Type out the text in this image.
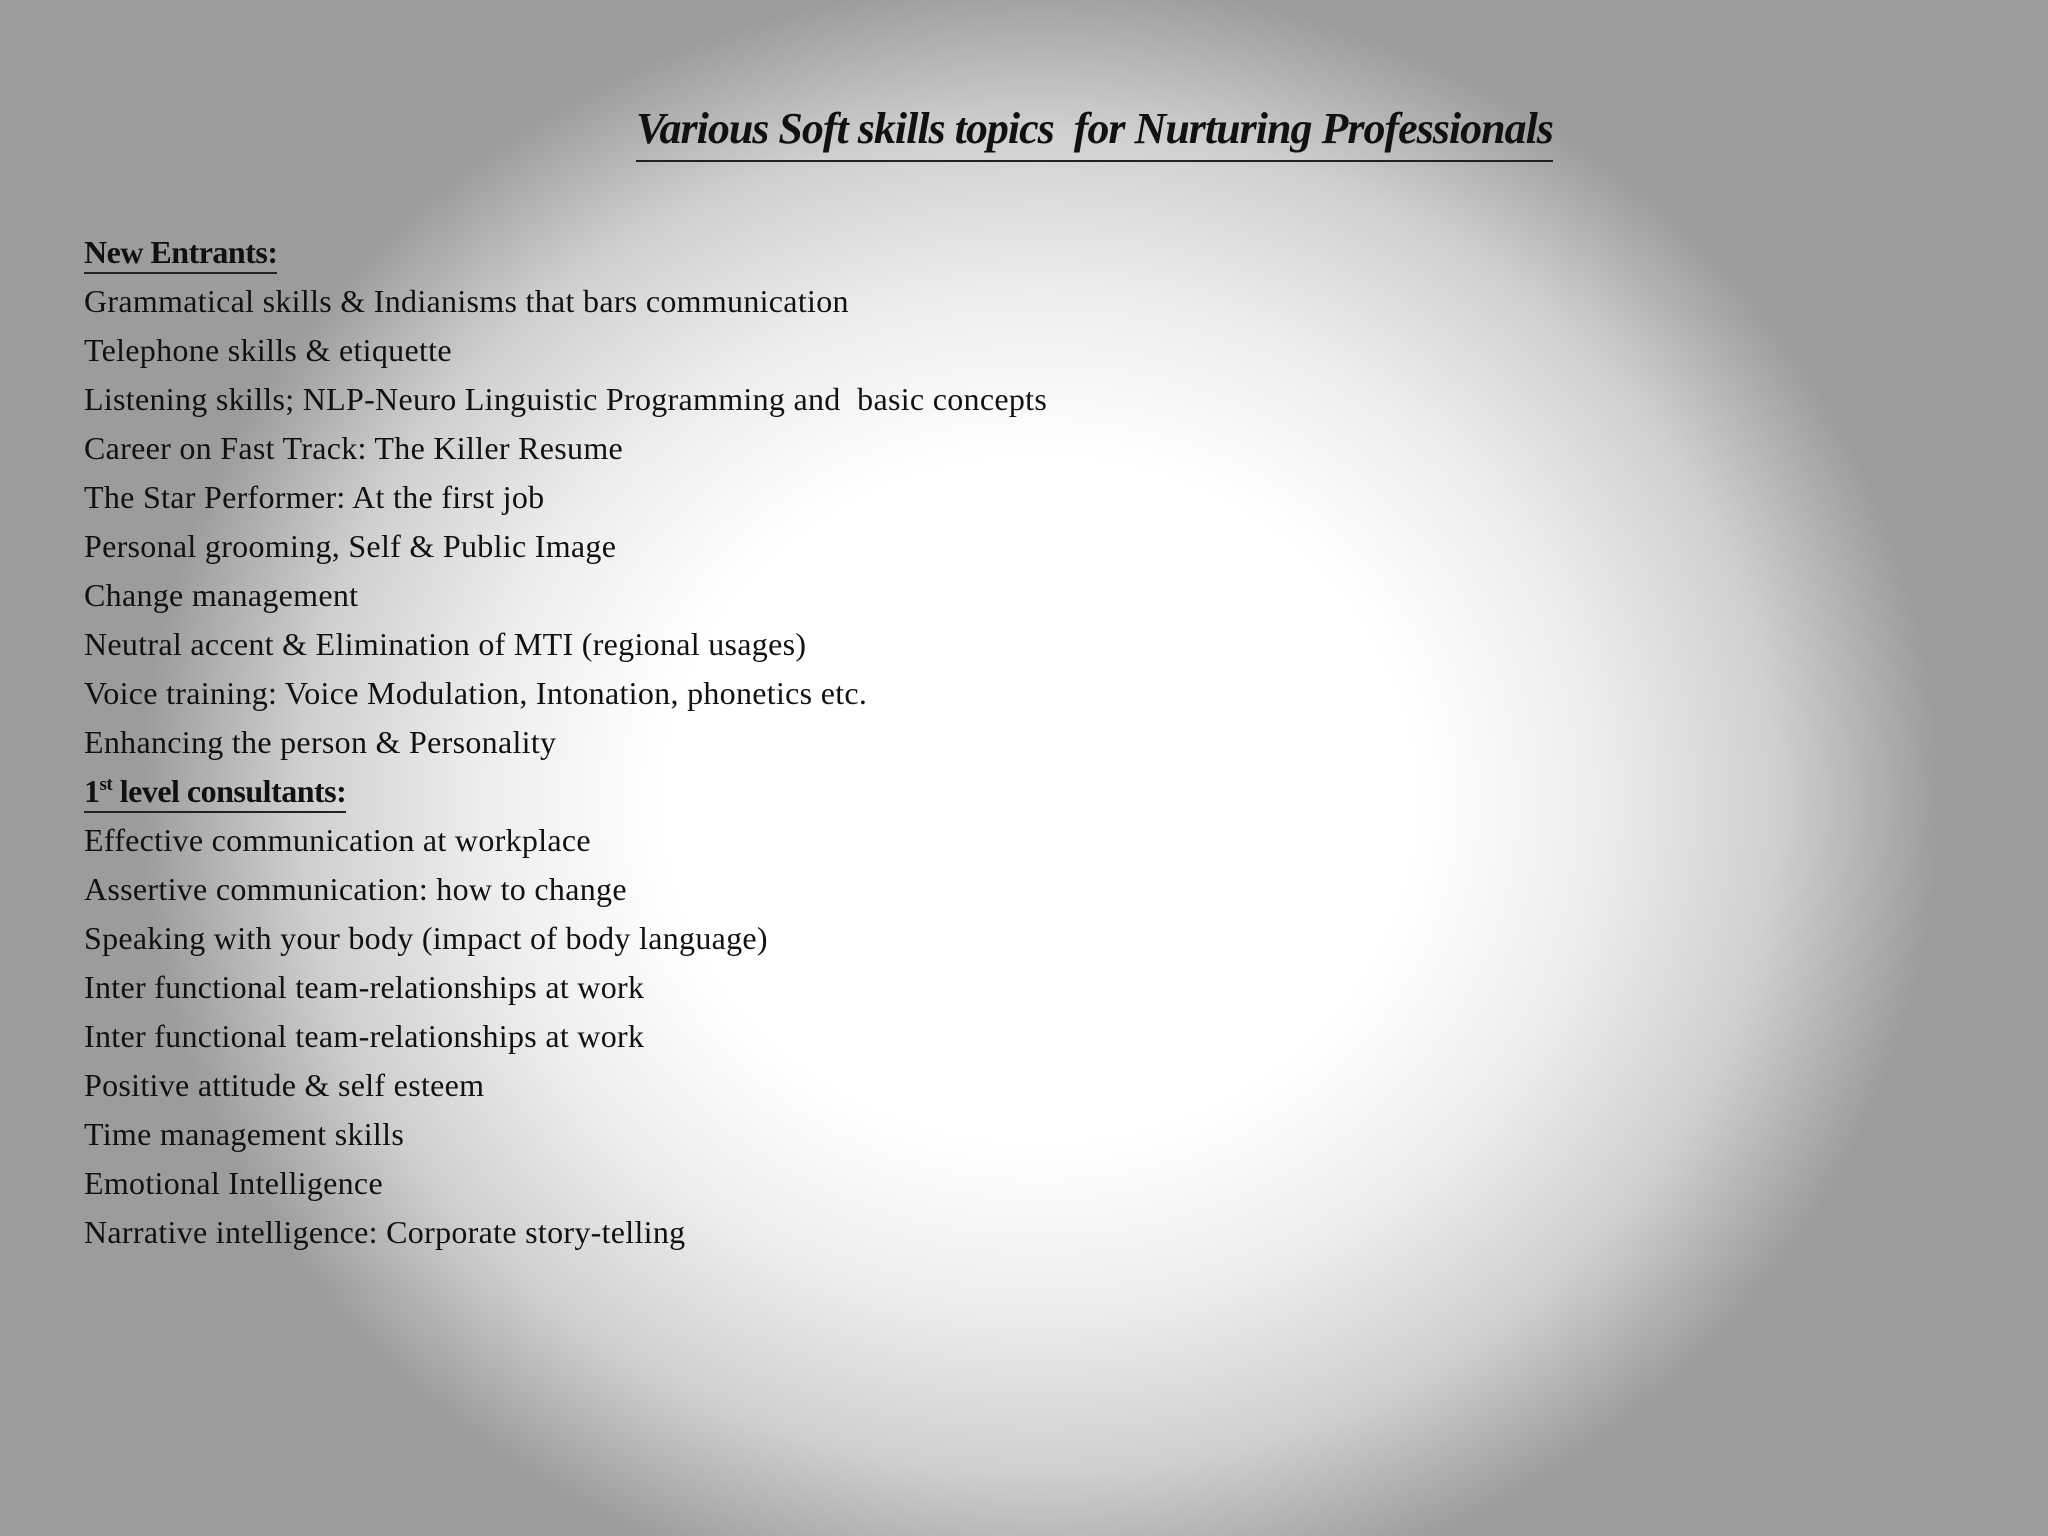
Various Soft skills topics  for Nurturing Professionals
New Entrants:
Grammatical skills & Indianisms that bars communication
Telephone skills & etiquette
Listening skills; NLP-Neuro Linguistic Programming and  basic concepts
Career on Fast Track: The Killer Resume
The Star Performer: At the first job
Personal grooming, Self & Public Image
Change management
Neutral accent & Elimination of MTI (regional usages)
Voice training: Voice Modulation, Intonation, phonetics etc.
Enhancing the person & Personality
1st level consultants:
Effective communication at workplace
Assertive communication: how to change
Speaking with your body (impact of body language)
Inter functional team-relationships at work
Inter functional team-relationships at work
Positive attitude & self esteem
Time management skills
Emotional Intelligence
Narrative intelligence: Corporate story-telling
